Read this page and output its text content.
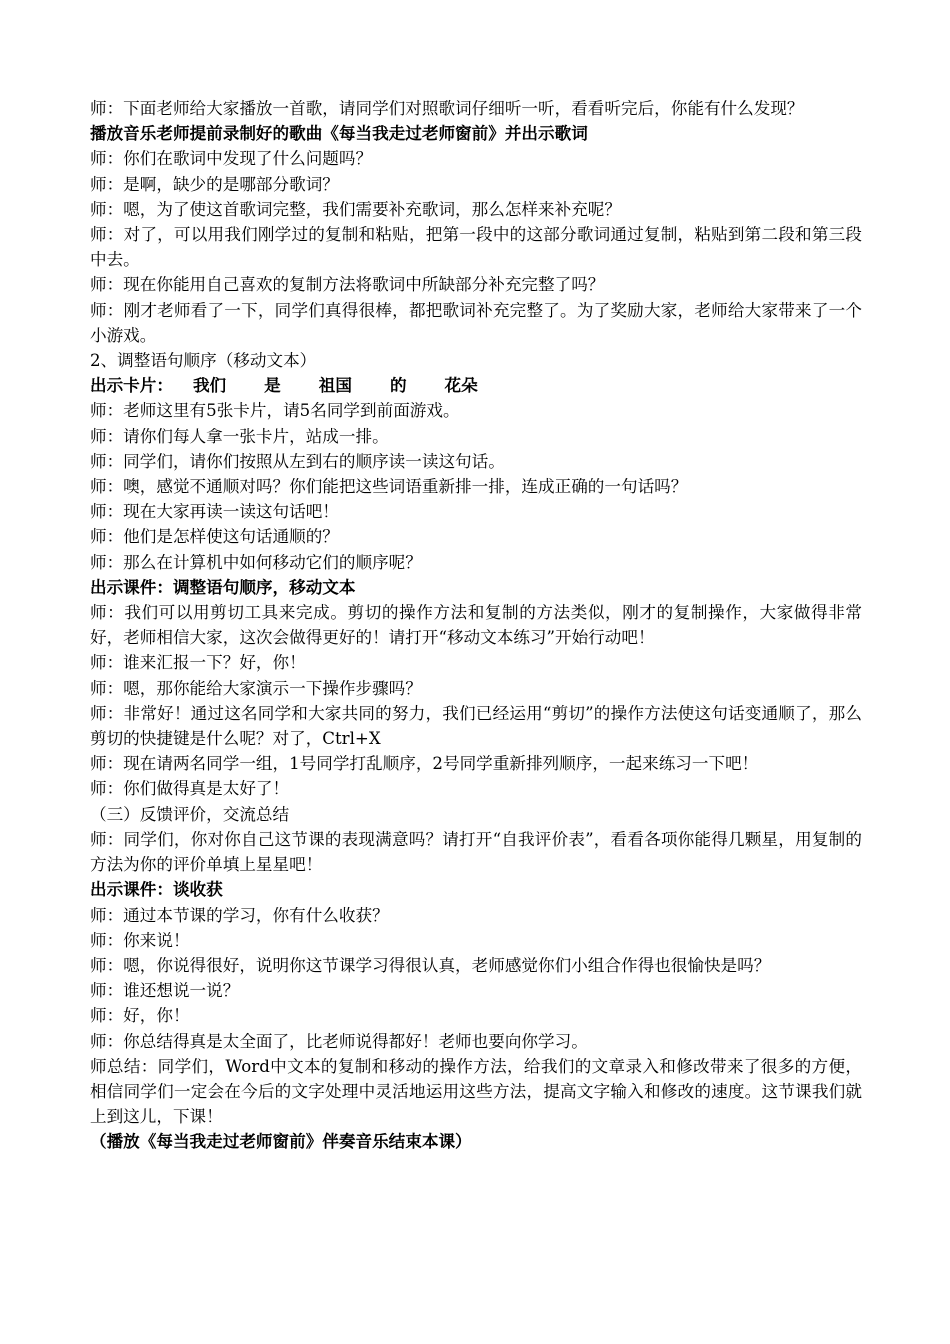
师：下面老师给大家播放一首歌，请同学们对照歌词仔细听一听，看看听完后，你能有什么发现？

播放音乐老师提前录制好的歌曲《每当我走过老师窗前》并出示歌词

师：你们在歌词中发现了什么问题吗？

师：是啊，缺少的是哪部分歌词？

师：嗯，为了使这首歌词完整，我们需要补充歌词，那么怎样来补充呢？

师：对了，可以用我们刚学过的复制和粘贴，把第一段中的这部分歌词通过复制，粘贴到第二段和第三段中去。

师：现在你能用自己喜欢的复制方法将歌词中所缺部分补充完整了吗？

师：刚才老师看了一下，同学们真得很棒，都把歌词补充完整了。为了奖励大家，老师给大家带来了一个小游戏。

2、调整语句顺序（移动文本）

出示卡片： 我们 是 祖国 的 花朵

师：老师这里有5张卡片，请5名同学到前面游戏。

师：请你们每人拿一张卡片，站成一排。

师：同学们，请你们按照从左到右的顺序读一读这句话。

师：噢，感觉不通顺对吗？你们能把这些词语重新排一排，连成正确的一句话吗？

师：现在大家再读一读这句话吧！

师：他们是怎样使这句话通顺的？

师：那么在计算机中如何移动它们的顺序呢？

出示课件：调整语句顺序，移动文本

师：我们可以用剪切工具来完成。剪切的操作方法和复制的方法类似，刚才的复制操作，大家做得非常好，老师相信大家，这次会做得更好的！请打开“移动文本练习”开始行动吧！

师：谁来汇报一下？好，你！

师：嗯，那你能给大家演示一下操作步骤吗？

师：非常好！通过这名同学和大家共同的努力，我们已经运用“剪切”的操作方法使这句话变通顺了，那么剪切的快捷键是什么呢？对了，Ctrl+X

师：现在请两名同学一组，1号同学打乱顺序，2号同学重新排列顺序，一起来练习一下吧！

师：你们做得真是太好了！

（三）反馈评价，交流总结

师：同学们，你对你自己这节课的表现满意吗？请打开“自我评价表”，看看各项你能得几颗星，用复制的方法为你的评价单填上星星吧！

出示课件：谈收获

师：通过本节课的学习，你有什么收获？

师：你来说！

师：嗯，你说得很好，说明你这节课学习得很认真，老师感觉你们小组合作得也很愉快是吗？

师：谁还想说一说？

师：好，你！

师：你总结得真是太全面了，比老师说得都好！老师也要向你学习。

师总结：同学们，Word中文本的复制和移动的操作方法，给我们的文章录入和修改带来了很多的方便，相信同学们一定会在今后的文字处理中灵活地运用这些方法，提高文字输入和修改的速度。这节课我们就上到这儿，下课！

（播放《每当我走过老师窗前》伴奏音乐结束本课）
